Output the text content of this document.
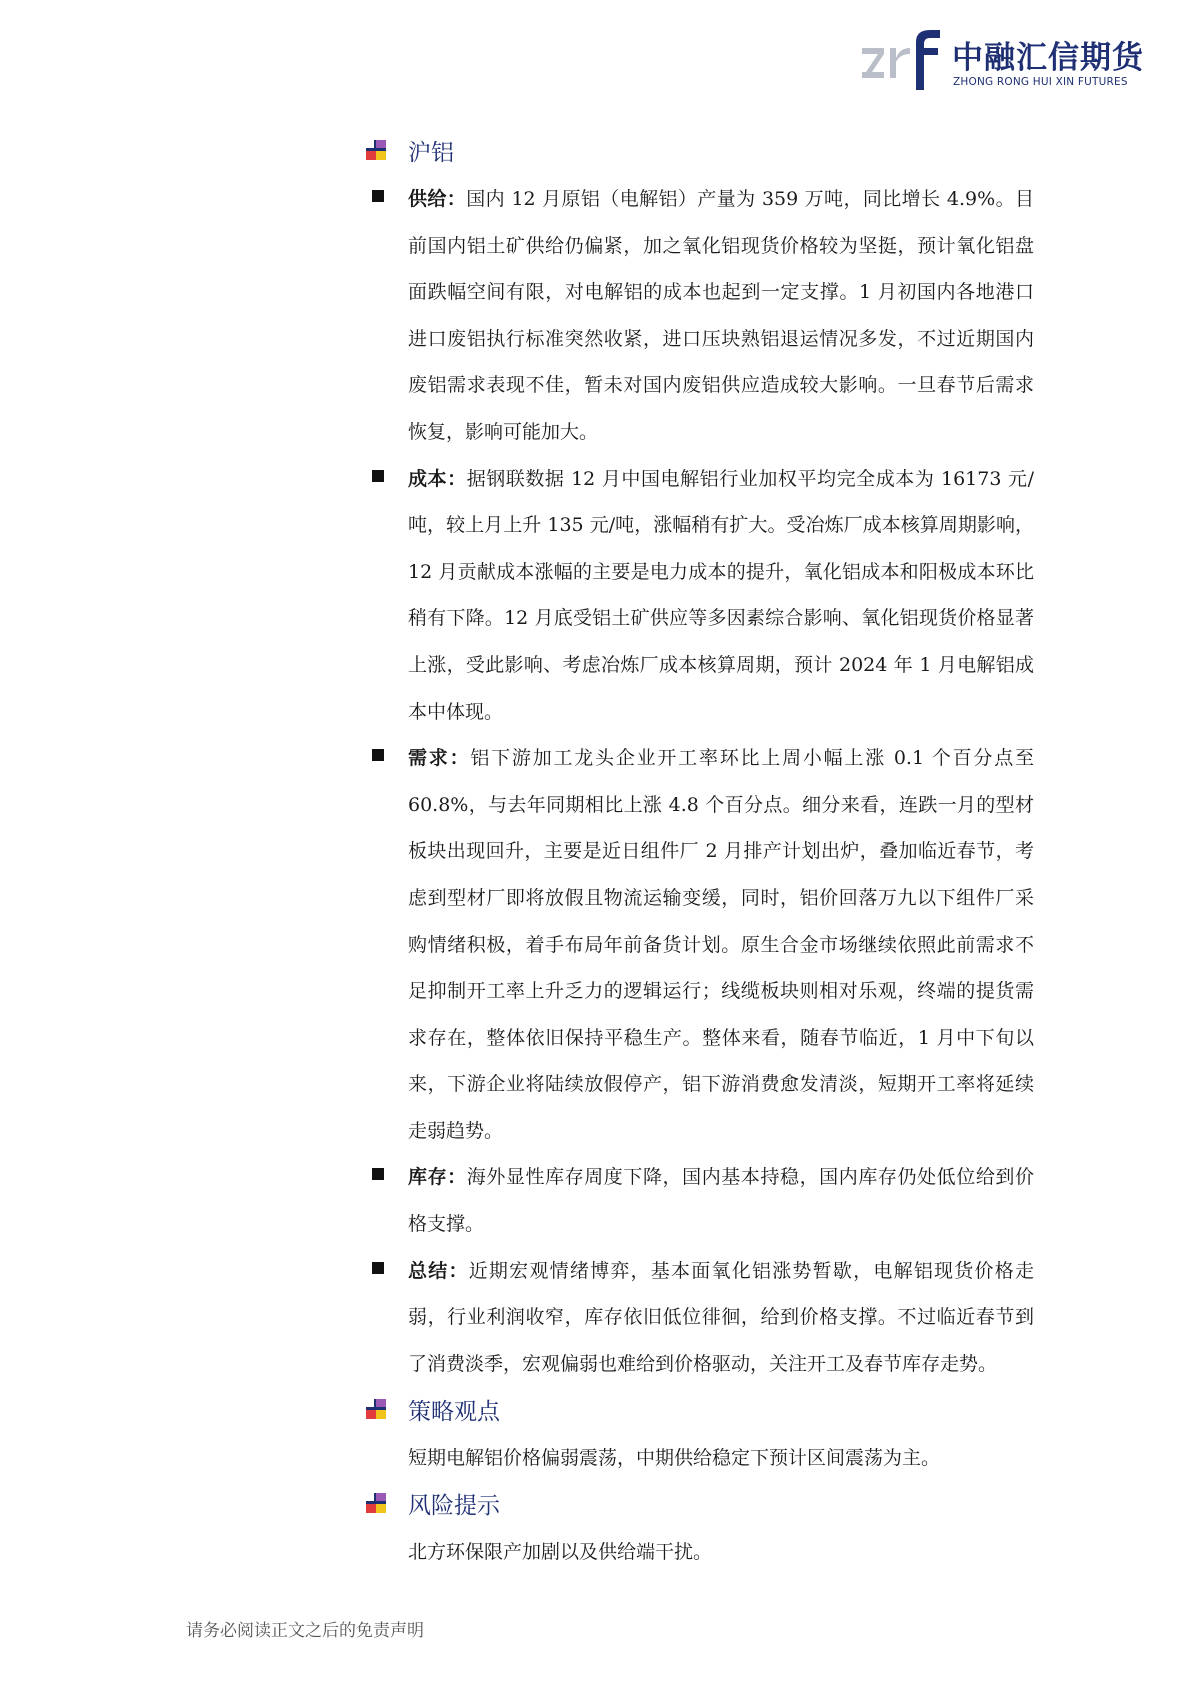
中融汇信期货
ZHONG RONG HUI XIN FUTURES
沪铝

供给：国内 12 月原铝（电解铝）产量为 359 万吨，同比增长 4.9%。目前国内铝土矿供给仍偏紧，加之氧化铝现货价格较为坚挺，预计氧化铝盘面跌幅空间有限，对电解铝的成本也起到一定支撑。1 月初国内各地港口进口废铝执行标准突然收紧，进口压块熟铝退运情况多发，不过近期国内废铝需求表现不佳，暂未对国内废铝供应造成较大影响。一旦春节后需求恢复，影响可能加大。

成本：据钢联数据 12 月中国电解铝行业加权平均完全成本为 16173 元/吨，较上月上升 135 元/吨，涨幅稍有扩大。受冶炼厂成本核算周期影响，12 月贡献成本涨幅的主要是电力成本的提升，氧化铝成本和阳极成本环比稍有下降。12 月底受铝土矿供应等多因素综合影响、氧化铝现货价格显著上涨，受此影响、考虑冶炼厂成本核算周期，预计 2024 年 1 月电解铝成本中体现。

需求：铝下游加工龙头企业开工率环比上周小幅上涨 0.1 个百分点至 60.8%，与去年同期相比上涨 4.8 个百分点。细分来看，连跌一月的型材板块出现回升，主要是近日组件厂 2 月排产计划出炉，叠加临近春节，考虑到型材厂即将放假且物流运输变缓，同时，铝价回落万九以下组件厂采购情绪积极，着手布局年前备货计划。原生合金市场继续依照此前需求不足抑制开工率上升乏力的逻辑运行；线缆板块则相对乐观，终端的提货需求存在，整体依旧保持平稳生产。整体来看，随春节临近，1 月中下旬以来，下游企业将陆续放假停产，铝下游消费愈发清淡，短期开工率将延续走弱趋势。

库存：海外显性库存周度下降，国内基本持稳，国内库存仍处低位给到价格支撑。

总结：近期宏观情绪博弈，基本面氧化铝涨势暂歇，电解铝现货价格走弱，行业利润收窄，库存依旧低位徘徊，给到价格支撑。不过临近春节到了消费淡季，宏观偏弱也难给到价格驱动，关注开工及春节库存走势。

策略观点

短期电解铝价格偏弱震荡，中期供给稳定下预计区间震荡为主。

风险提示

北方环保限产加剧以及供给端干扰。

请务必阅读正文之后的免责声明
